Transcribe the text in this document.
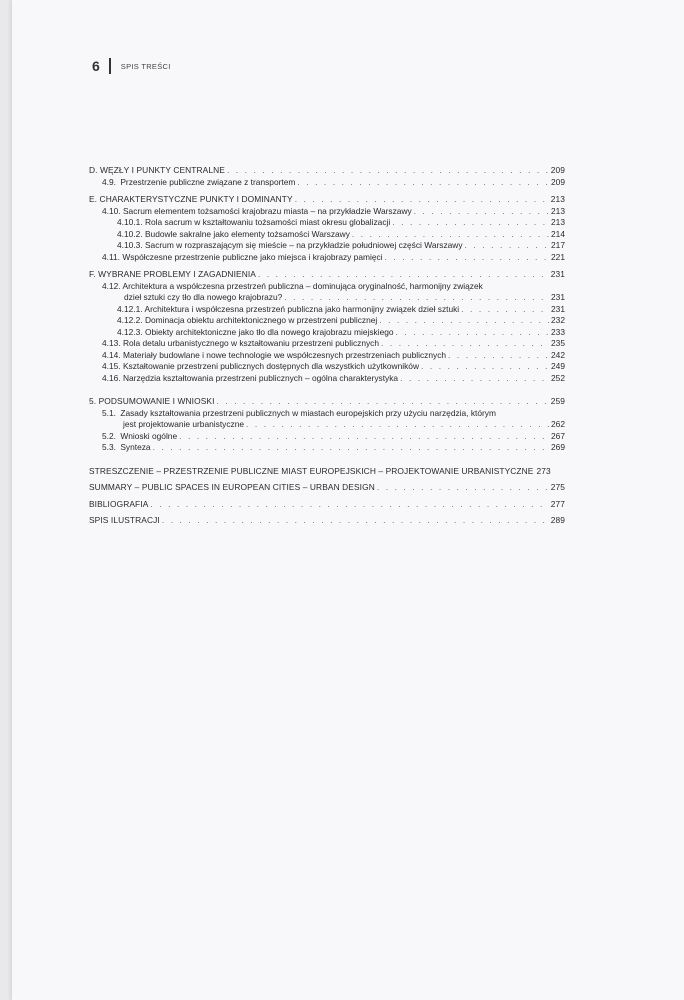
6	SPIS TREŚCI
D. WĘZŁY I PUNKTY CENTRALNE . . .	209
4.9. Przestrzenie publiczne związane z transportem . . .	209
E. CHARAKTERYSTYCZNE PUNKTY I DOMINANTY . . .	213
4.10. Sacrum elementem tożsamości krajobrazu miasta – na przykładzie Warszawy . . .	213
4.10.1. Rola sacrum w kształtowaniu tożsamości miast okresu globalizacji . . .	213
4.10.2. Budowle sakralne jako elementy tożsamości Warszawy . . .	214
4.10.3. Sacrum w rozpraszającym się mieście – na przykładzie południowej części Warszawy . . .	217
4.11. Współczesne przestrzenie publiczne jako miejsca i krajobrazy pamięci . . .	221
F. WYBRANE PROBLEMY I ZAGADNIENIA . . .	231
4.12. Architektura a współczesna przestrzeń publiczna – dominująca oryginalność, harmonijny związek
dzieł sztuki czy tło dla nowego krajobrazu? . . .	231
4.12.1. Architektura i współczesna przestrzeń publiczna jako harmonijny związek dzieł sztuki . . .	231
4.12.2. Dominacja obiektu architektonicznego w przestrzeni publicznej . . .	232
4.12.3. Obiekty architektoniczne jako tło dla nowego krajobrazu miejskiego . . .	233
4.13. Rola detalu urbanistycznego w kształtowaniu przestrzeni publicznych . . .	235
4.14. Materiały budowlane i nowe technologie we współczesnych przestrzeniach publicznych . . .	242
4.15. Kształtowanie przestrzeni publicznych dostępnych dla wszystkich użytkowników . . .	249
4.16. Narzędzia kształtowania przestrzeni publicznych – ogólna charakterystyka . . .	252
5. PODSUMOWANIE I WNIOSKI . . .	259
5.1. Zasady kształtowania przestrzeni publicznych w miastach europejskich przy użyciu narzędzia, którym
jest projektowanie urbanistyczne . . .	262
5.2. Wnioski ogólne . . .	267
5.3. Synteza . . .	269
STRESZCZENIE – PRZESTRZENIE PUBLICZNE MIAST EUROPEJSKICH – PROJEKTOWANIE URBANISTYCZNE 273
SUMMARY – PUBLIC SPACES IN EUROPEAN CITIES – URBAN DESIGN . . .	275
BIBLIOGRAFIA . . .	277
SPIS ILUSTRACJI . . .	289
